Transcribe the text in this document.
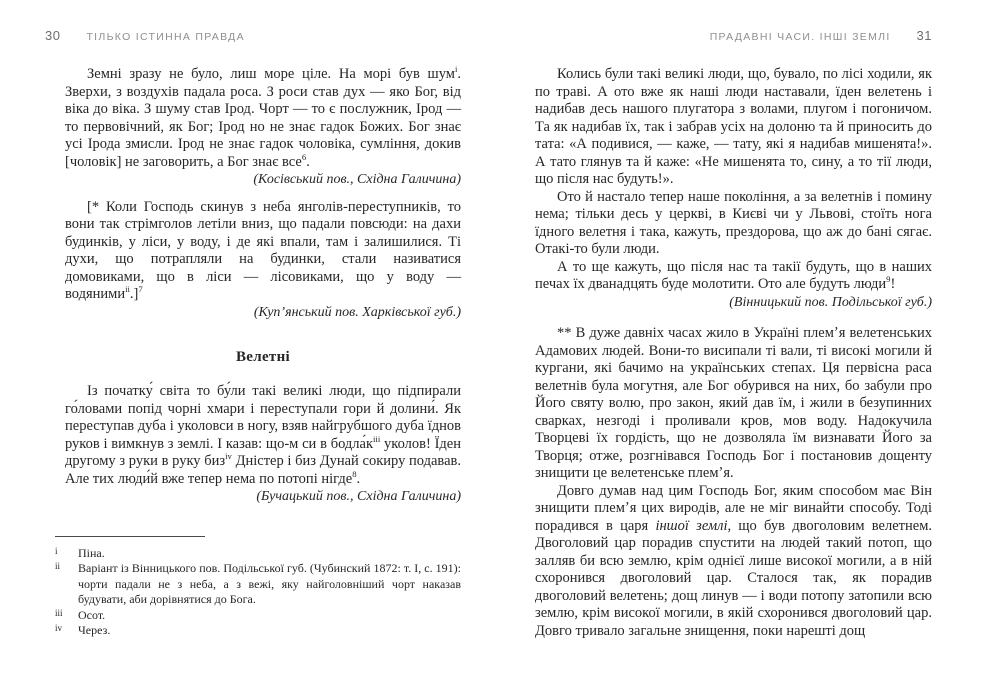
30 ТІЛЬКО ІСТИННА ПРАВДА

Земні зразу не було, лиш море ціле. На морі був шум$^i$. Зверхи, з воздухів падала роса. З роси став дух — яко Бог, від віка до віка. З шуму став Ірод. Чорт — то є послужник, Ірод — то первовічний, як Бог; Ірод но не знає гадок Божих. Бог знає усі Ірода змисли. Ірод не знає гадок чоловіка, сумління, докив [чоловік] не заговорить, а Бог знає все$^6$.

(Косівський пов., Східна Галичина)

[* Коли Господь скинув з неба янголів-переступників, то вони так стрімголов летіли вниз, що падали повсюди: на дахи будинків, у ліси, у воду, і де які впали, там і залишилися. Ті духи, що потрапляли на будинки, стали називатися домовиками, що в ліси — лісовиками, що у воду — водяними$^{ii}$.]$^7$

(Купʼянський пов. Харківської губ.)

Велетні

Із початку́ світа то бу́ли такі великі люди, що підпирали го́ловами попід чорні хмари і переступали гори й долини́. Як переступав дуба і уколовси в ногу, взяв найгрубшого дуба їднов руков і вимкнув з землі. І казав: що-м си в $бодла́к^{iii}$ уколов! Їден другому з руки в руку биз$^{iv}$ Дністер і биз Дунай сокиру подавав. Але тих люди́й вже тепер нема по потопі нігде$^8$.

(Бучацький пов., Східна Галичина)

i	Піна.

ii	Варіант із Вінницького пов. Подільської губ. (Чубинский 1872: т. I, с. 191): чорти падали не з неба, а з вежі, яку найголовніший чорт наказав будувати, аби дорівнятися до Бога.

iii	Осот.

iv	Через.

ПРАДАВНІ ЧАСИ. ІНШІ ЗЕМЛІ 31

Колись були такі великі люди, що, бувало, по лісі ходили, як по траві. А ото вже як наші люди наставали, їден велетень і надибав десь нашого плугатора з волами, плугом і погоничом. Та як надибав їх, так і забрав усіх на долоню та й приносить до тата: «А подивися, — каже, — тату, які я надибав мишенята!». А тато глянув та й каже: «Не мишенята то, сину, а то тії люди, що після нас будуть!».

Ото й настало тепер наше покоління, а за велетнів і помину нема; тільки десь у церкві, в Києві чи у Львові, стоїть нога їдного велетня і така, кажуть, прездорова, що аж до бані сягає. Отакі-то були люди.

А то ще кажуть, що після нас та такії будуть, що в наших печах їх дванадцять буде молотити. Ото але будуть люди$^9$!

(Вінницький пов. Подільської губ.)

** В дуже давніх часах жило в Україні племʼя велетенських Адамових людей. Вони-то висипали ті вали, ті високі могили й кургани, які бачимо на українських степах. Ця первісна раса велетнів була могутня, але Бог обурився на них, бо забули про Його святу волю, про закон, який дав їм, і жили в безупинних сварках, незгоді і проливали кров, мов воду. Надокучила Творцеві їх гордість, що не дозволяла їм визнавати Його за Творця; отже, розгнівався Господь Бог і постановив дощенту знищити це велетенське племʼя.

Довго думав над цим Господь Бог, яким способом має Він знищити племʼя цих виродів, але не міг винайти способу. Тоді порадився в царя іншої землі, що був двоголовим велетнем. Двоголовий цар порадив спустити на людей такий потоп, що залляв би всю землю, крім однієї лише високої могили, а в ній схоронився двоголовий цар. Сталося так, як порадив двоголовий велетень; дощ линув — і води потопу затопили всю землю, крім високої могили, в якій схоронився двоголовий цар. Довго тривало загальне знищення, поки нарешті дощ
